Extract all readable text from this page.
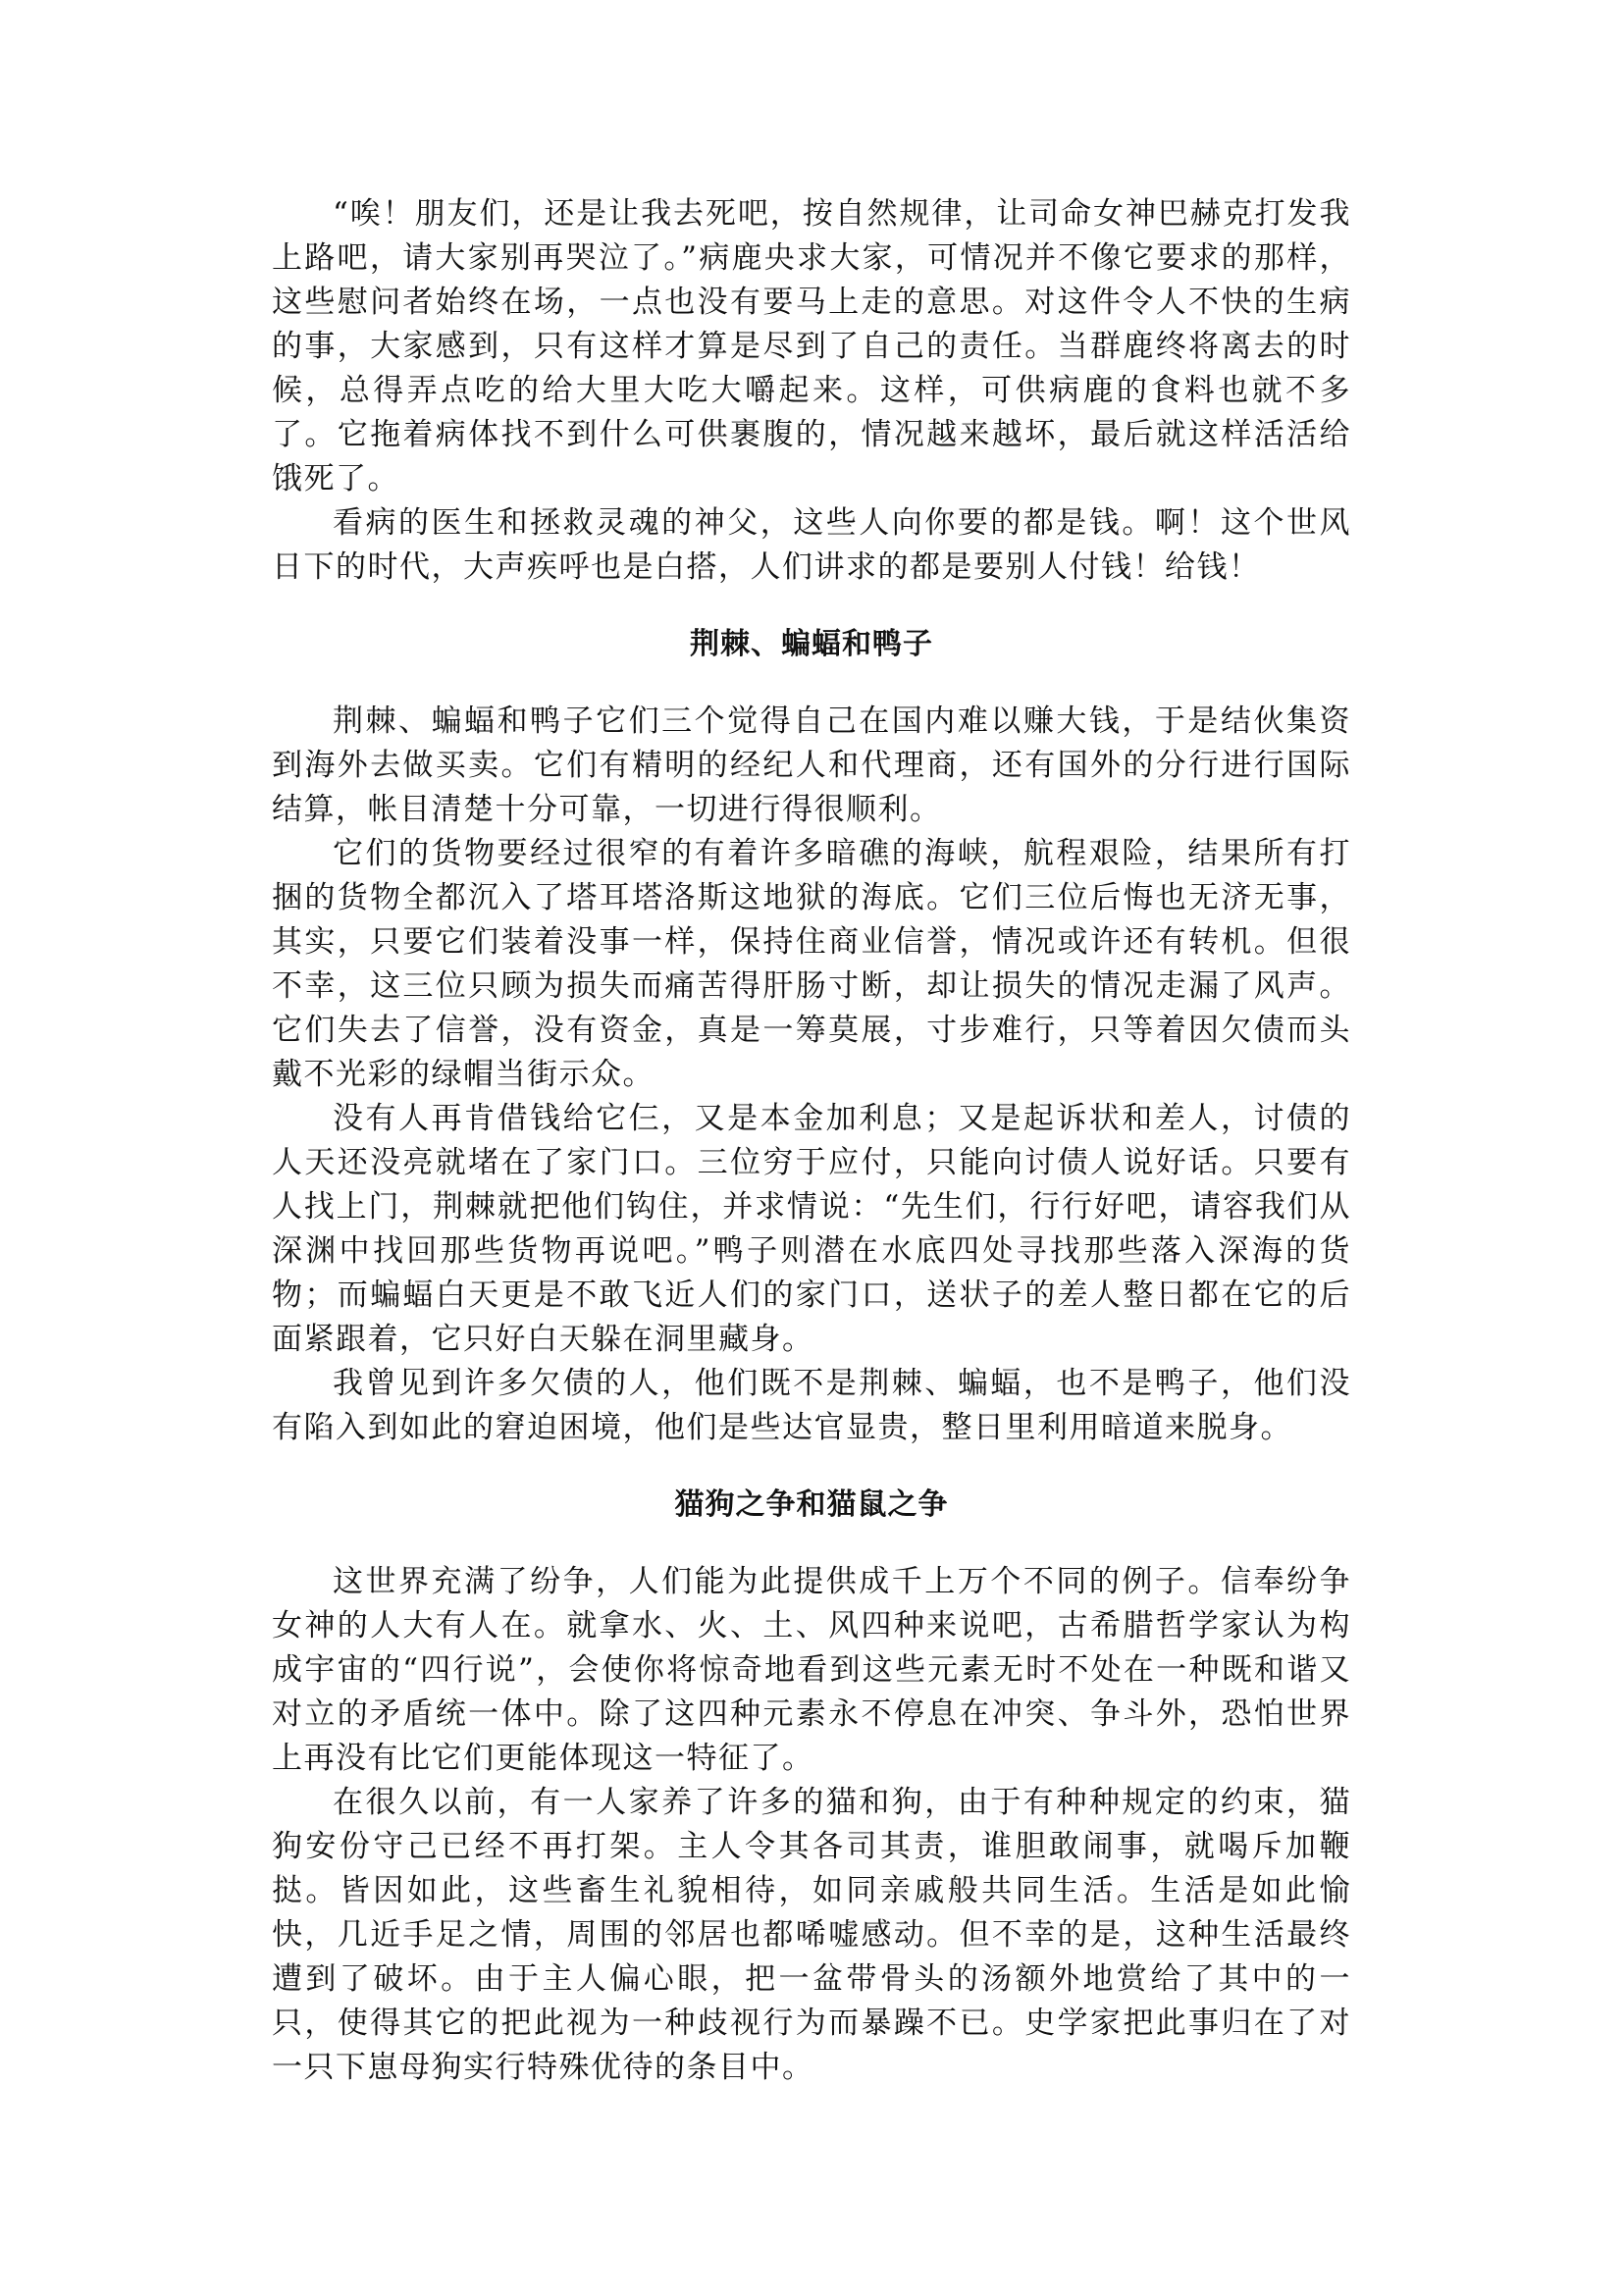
“唉！朋友们，还是让我去死吧，按自然规律，让司命女神巴赫克打发我上路吧，请大家别再哭泣了。”病鹿央求大家，可情况并不像它要求的那样，这些慰问者始终在场，一点也没有要马上走的意思。对这件令人不快的生病的事，大家感到，只有这样才算是尽到了自己的责任。当群鹿终将离去的时候，总得弄点吃的给大里大吃大嚼起来。这样，可供病鹿的食料也就不多了。它拖着病体找不到什么可供裹腹的，情况越来越坏，最后就这样活活给饿死了。

看病的医生和拯救灵魂的神父，这些人向你要的都是钱。啊！这个世风日下的时代，大声疾呼也是白搭，人们讲求的都是要别人付钱！给钱！

荆棘、蝙蝠和鸭子

荆棘、蝙蝠和鸭子它们三个觉得自己在国内难以赚大钱，于是结伙集资到海外去做买卖。它们有精明的经纪人和代理商，还有国外的分行进行国际结算，帐目清楚十分可靠，一切进行得很顺利。

它们的货物要经过很窄的有着许多暗礁的海峡，航程艰险，结果所有打捆的货物全都沉入了塔耳塔洛斯这地狱的海底。它们三位后悔也无济无事，其实，只要它们装着没事一样，保持住商业信誉，情况或许还有转机。但很不幸，这三位只顾为损失而痛苦得肝肠寸断，却让损失的情况走漏了风声。它们失去了信誉，没有资金，真是一筹莫展，寸步难行，只等着因欠债而头戴不光彩的绿帽当街示众。

没有人再肯借钱给它仨，又是本金加利息；又是起诉状和差人，讨债的人天还没亮就堵在了家门口。三位穷于应付，只能向讨债人说好话。只要有人找上门，荆棘就把他们钩住，并求情说：“先生们，行行好吧，请容我们从深渊中找回那些货物再说吧。”鸭子则潜在水底四处寻找那些落入深海的货物；而蝙蝠白天更是不敢飞近人们的家门口，送状子的差人整日都在它的后面紧跟着，它只好白天躲在洞里藏身。

我曾见到许多欠债的人，他们既不是荆棘、蝙蝠，也不是鸭子，他们没有陷入到如此的窘迫困境，他们是些达官显贵，整日里利用暗道来脱身。

猫狗之争和猫鼠之争

这世界充满了纷争，人们能为此提供成千上万个不同的例子。信奉纷争女神的人大有人在。就拿水、火、土、风四种来说吧，古希腊哲学家认为构成宇宙的“四行说”，会使你将惊奇地看到这些元素无时不处在一种既和谐又对立的矛盾统一体中。除了这四种元素永不停息在冲突、争斗外，恐怕世界上再没有比它们更能体现这一特征了。

在很久以前，有一人家养了许多的猫和狗，由于有种种规定的约束，猫狗安份守己已经不再打架。主人令其各司其责，谁胆敢闹事，就喝斥加鞭挞。皆因如此，这些畜生礼貌相待，如同亲戚般共同生活。生活是如此愉快，几近手足之情，周围的邻居也都唏嘘感动。但不幸的是，这种生活最终遭到了破坏。由于主人偏心眼，把一盆带骨头的汤额外地赏给了其中的一只，使得其它的把此视为一种歧视行为而暴躁不已。史学家把此事归在了对一只下崽母狗实行特殊优待的条目中。
